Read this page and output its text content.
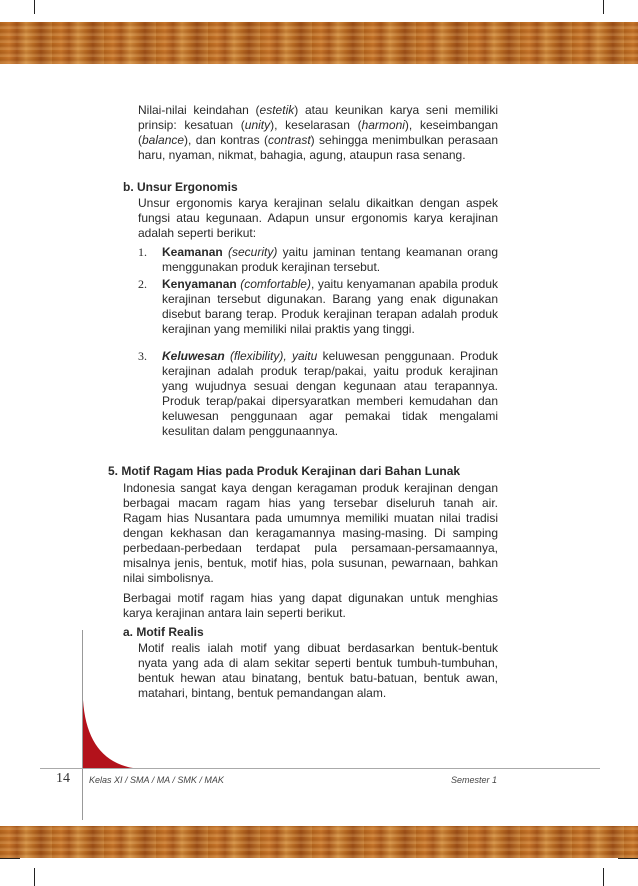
Nilai-nilai keindahan (estetik) atau keunikan karya seni memiliki prinsip: kesatuan (unity), keselarasan (harmoni), keseimbangan (balance), dan kontras (contrast) sehingga menimbulkan perasaan haru, nyaman, nikmat, bahagia, agung, ataupun rasa senang.
b. Unsur Ergonomis
Unsur ergonomis karya kerajinan selalu dikaitkan dengan aspek fungsi atau kegunaan. Adapun unsur ergonomis karya kerajinan adalah seperti berikut:
1. Keamanan (security) yaitu jaminan tentang keamanan orang menggunakan produk kerajinan tersebut.
2. Kenyamanan (comfortable), yaitu kenyamanan apabila produk kerajinan tersebut digunakan. Barang yang enak digunakan disebut barang terap. Produk kerajinan terapan adalah produk kerajinan yang memiliki nilai praktis yang tinggi.
3. Keluwesan (flexibility), yaitu keluwesan penggunaan. Produk kerajinan adalah produk terap/pakai, yaitu produk kerajinan yang wujudnya sesuai dengan kegunaan atau terapannya. Produk terap/pakai dipersyaratkan memberi kemudahan dan keluwesan penggunaan agar pemakai tidak mengalami kesulitan dalam penggunaannya.
5. Motif Ragam Hias pada Produk Kerajinan dari Bahan Lunak
Indonesia sangat kaya dengan keragaman produk kerajinan dengan berbagai macam ragam hias yang tersebar diseluruh tanah air. Ragam hias Nusantara pada umumnya memiliki muatan nilai tradisi dengan kekhasan dan keragamannya masing-masing. Di samping perbedaan-perbedaan terdapat pula persamaan-persamaannya, misalnya jenis, bentuk, motif hias, pola susunan, pewarnaan, bahkan nilai simbolisnya.
Berbagai motif ragam hias yang dapat digunakan untuk menghias karya kerajinan antara lain seperti berikut.
a. Motif Realis
Motif realis ialah motif yang dibuat berdasarkan bentuk-bentuk nyata yang ada di alam sekitar seperti bentuk tumbuh-tumbuhan, bentuk hewan atau binatang, bentuk batu-batuan, bentuk awan, matahari, bintang, bentuk pemandangan alam.
14 Kelas XI / SMA / MA / SMK / MAK	Semester 1
